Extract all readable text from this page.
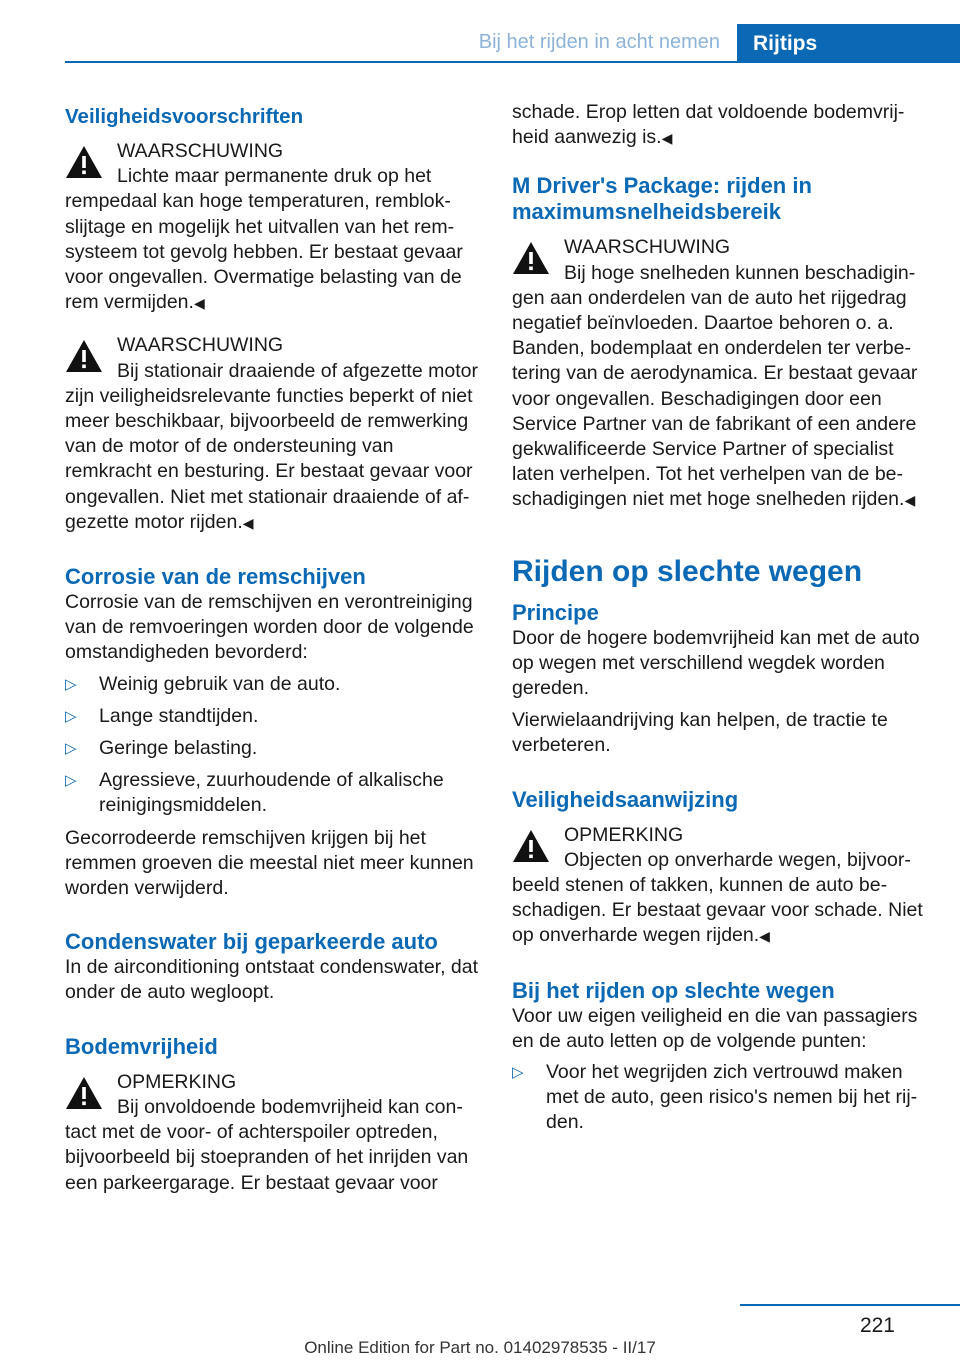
Bij het rijden in acht nemen	Rijtips
Veiligheidsvoorschriften
WAARSCHUWING
Lichte maar permanente druk op het rempedaal kan hoge temperaturen, remblokslijtage en mogelijk het uitvallen van het remsysteem tot gevolg hebben. Er bestaat gevaar voor ongevallen. Overmatige belasting van de rem vermijden.◀
WAARSCHUWING
Bij stationair draaiende of afgezette motor zijn veiligheidsrelevante functies beperkt of niet meer beschikbaar, bijvoorbeeld de remwerking van de motor of de ondersteuning van remkracht en besturing. Er bestaat gevaar voor ongevallen. Niet met stationair draaiende of afgezette motor rijden.◀
Corrosie van de remschijven

Corrosie van de remschijven en verontreiniging van de remvoeringen worden door de volgende omstandigheden bevorderd:

▷ Weinig gebruik van de auto.
▷ Lange standtijden.
▷ Geringe belasting.
▷ Agressieve, zuurhoudende of alkalische reinigingsmiddelen.

Gecorrodeerde remschijven krijgen bij het remmen groeven die meestal niet meer kunnen worden verwijderd.

Condenswater bij geparkeerde auto

In de airconditioning ontstaat condenswater, dat onder de auto wegloopt.

Bodemvrijheid
OPMERKING
Bij onvoldoende bodemvrijheid kan contact met de voor- of achterspoiler optreden, bijvoorbeeld bij stoepranden of het inrijden van een parkeergarage. Er bestaat gevaar voor

schade. Erop letten dat voldoende bodemvrijheid aanwezig is.◀

M Driver's Package: rijden in maximumsnelheidsbereik
WAARSCHUWING
Bij hoge snelheden kunnen beschadigingen aan onderdelen van de auto het rijgedrag negatief beïnvloeden. Daartoe behoren o. a. Banden, bodemplaat en onderdelen ter verbetering van de aerodynamica. Er bestaat gevaar voor ongevallen. Beschadigingen door een Service Partner van de fabrikant of een andere gekwalificeerde Service Partner of specialist laten verhelpen. Tot het verhelpen van de beschadigingen niet met hoge snelheden rijden.◀
Rijden op slechte wegen
Principe

Door de hogere bodemvrijheid kan met de auto op wegen met verschillend wegdek worden gereden.

Vierwielaandrijving kan helpen, de tractie te verbeteren.

Veiligheidsaanwijzing
OPMERKING
Objecten op onverharde wegen, bijvoorbeeld stenen of takken, kunnen de auto beschadigen. Er bestaat gevaar voor schade. Niet op onverharde wegen rijden.◀
Bij het rijden op slechte wegen

Voor uw eigen veiligheid en die van passagiers en de auto letten op de volgende punten:

▷ Voor het wegrijden zich vertrouwd maken met de auto, geen risico's nemen bij het rijden.
221
Online Edition for Part no. 01402978535 - II/17
